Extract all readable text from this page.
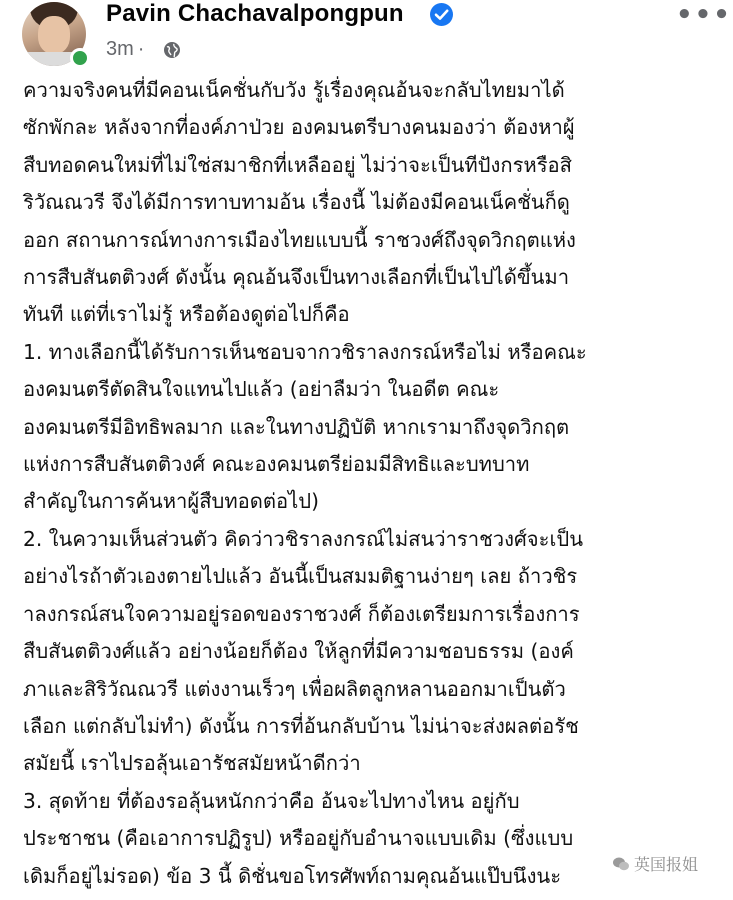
Pavin Chachavalpongpun
3m ·
•••
ความจริงคนที่มีคอนเน็คชั่นกับวัง รู้เรื่องคุณอ้นจะกลับไทยมาได้
ซักพักละ หลังจากที่องค์ภาป่วย องคมนตรีบางคนมองว่า ต้องหาผู้
สืบทอดคนใหม่ที่ไม่ใช่สมาชิกที่เหลืออยู่ ไม่ว่าจะเป็นทีปังกรหรือสิ
ริวัณณวรี จึงได้มีการทาบทามอ้น เรื่องนี้ ไม่ต้องมีคอนเน็คชั่นก็ดู
ออก สถานการณ์ทางการเมืองไทยแบบนี้ ราชวงศ์ถึงจุดวิกฤตแห่ง
การสืบสันตติวงศ์ ดังนั้น คุณอ้นจึงเป็นทางเลือกที่เป็นไปได้ขึ้นมา
ทันที แต่ที่เราไม่รู้ หรือต้องดูต่อไปก็คือ
1. ทางเลือกนี้ได้รับการเห็นชอบจากวชิราลงกรณ์หรือไม่ หรือคณะ
องคมนตรีตัดสินใจแทนไปแล้ว (อย่าลืมว่า ในอดีต คณะ
องคมนตรีมีอิทธิพลมาก และในทางปฏิบัติ หากเรามาถึงจุดวิกฤต
แห่งการสืบสันตติวงศ์ คณะองคมนตรีย่อมมีสิทธิและบทบาท
สำคัญในการค้นหาผู้สืบทอดต่อไป)
2. ในความเห็นส่วนตัว คิดว่าวชิราลงกรณ์ไม่สนว่าราชวงศ์จะเป็น
อย่างไรถ้าตัวเองตายไปแล้ว อันนี้เป็นสมมติฐานง่ายๆ เลย ถ้าวชิร
าลงกรณ์สนใจความอยู่รอดของราชวงศ์ ก็ต้องเตรียมการเรื่องการ
สืบสันตติวงศ์แล้ว อย่างน้อยก็ต้อง ให้ลูกที่มีความชอบธรรม (องค์
ภาและสิริวัณณวรี แต่งงานเร็วๆ เพื่อผลิตลูกหลานออกมาเป็นตัว
เลือก แต่กลับไม่ทำ) ดังนั้น การที่อ้นกลับบ้าน ไม่น่าจะส่งผลต่อรัช
สมัยนี้ เราไปรอลุ้นเอารัชสมัยหน้าดีกว่า
3. สุดท้าย ที่ต้องรอลุ้นหนักกว่าคือ อ้นจะไปทางไหน อยู่กับ
ประชาชน (คือเอาการปฏิรูป) หรืออยู่กับอำนาจแบบเดิม (ซึ่งแบบ
เดิมก็อยู่ไม่รอด) ข้อ 3 นี้ ดิชั่นขอโทรศัพท์ถามคุณอ้นแป๊บนึงนะ	英国报姐
